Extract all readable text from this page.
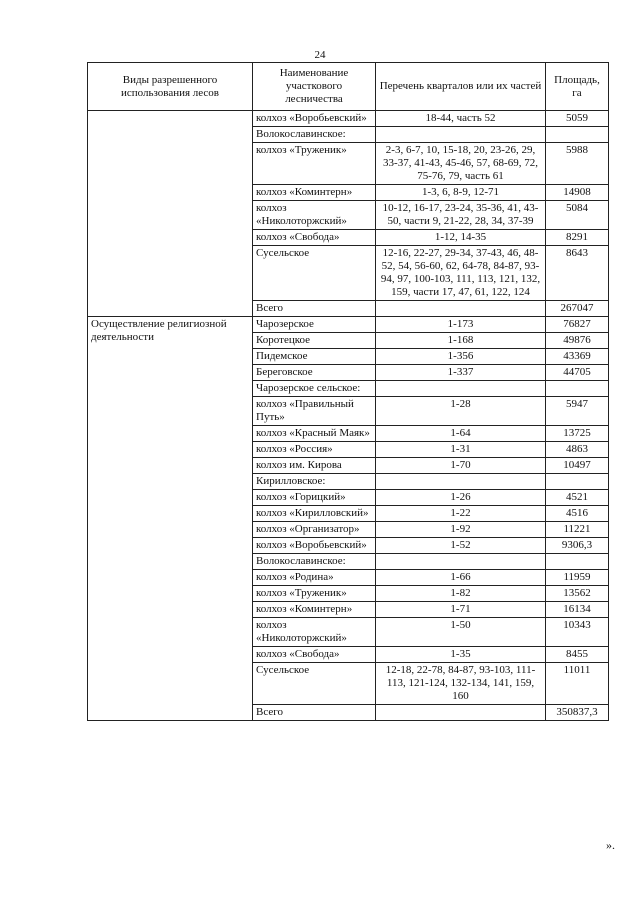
24
Виды разрешенного использования лесов	Наименование участкового лесничества	Перечень кварталов или их частей	Площадь, га
	колхоз «Воробьевский»	18-44, часть 52	5059
	Волокославинское:		
	колхоз «Труженик»	2-3, 6-7, 10, 15-18, 20, 23-26, 29, 33-37, 41-43, 45-46, 57, 68-69, 72, 75-76, 79, часть 61	5988
	колхоз «Коминтерн»	1-3, 6, 8-9, 12-71	14908
	колхоз «Николоторжский»	10-12, 16-17, 23-24, 35-36, 41, 43-50, части 9, 21-22, 28, 34, 37-39	5084
	колхоз «Свобода»	1-12, 14-35	8291
	Сусельское	12-16, 22-27, 29-34, 37-43, 46, 48-52, 54, 56-60, 62, 64-78, 84-87, 93-94, 97, 100-103, 111, 113, 121, 132, 159, части 17, 47, 61, 122, 124	8643
	Всего		267047
Осуществление религиозной деятельности	Чарозерское	1-173	76827
	Коротецкое	1-168	49876
	Пидемское	1-356	43369
	Береговское	1-337	44705
	Чарозерское сельское:		
	колхоз «Правильный Путь»	1-28	5947
	колхоз «Красный Маяк»	1-64	13725
	колхоз «Россия»	1-31	4863
	колхоз им. Кирова	1-70	10497
	Кирилловское:		
	колхоз «Горицкий»	1-26	4521
	колхоз «Кирилловский»	1-22	4516
	колхоз «Организатор»	1-92	11221
	колхоз «Воробьевский»	1-52	9306,3
	Волокославинское:		
	колхоз «Родина»	1-66	11959
	колхоз «Труженик»	1-82	13562
	колхоз «Коминтерн»	1-71	16134
	колхоз «Николоторжский»	1-50	10343
	колхоз «Свобода»	1-35	8455
	Сусельское	12-18, 22-78, 84-87, 93-103, 111-113, 121-124, 132-134, 141, 159, 160	11011
	Всего		350837,3
».
